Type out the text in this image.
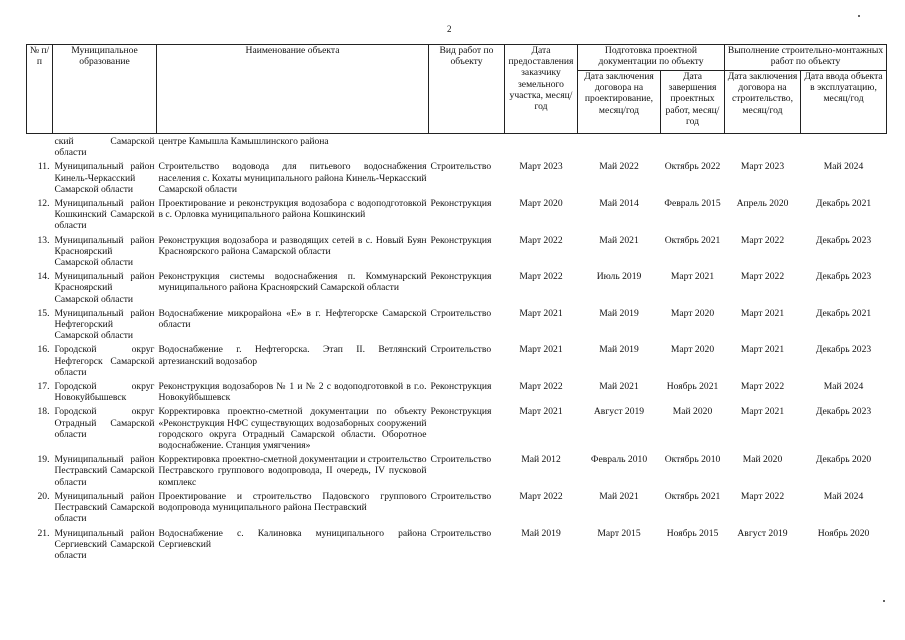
2
№ п/п	Муниципальное образование	Наименование объекта	Вид работ по объекту	Дата предоставления заказчику земельного участка, месяц/год	Подготовка проектной документации по объекту		Выполнение строительно-монтажных работ по объекту	
					Дата заключения договора на проектирование, месяц/год	Дата завершения проектных работ, месяц/год	Дата заключения договора на строительство, месяц/год	Дата ввода объекта в эксплуатацию, месяц/год
	ский Самарской области	центре Камышла Камышлинского района						
11.	Муниципальный район Кинель-Черкасский Самарской области	Строительство водовода для питьевого водоснабжения населения с. Кохаты муниципального района Кинель-Черкасский Самарской области	Строительство	Март 2023	Май 2022	Октябрь 2022	Март 2023	Май 2024
12.	Муниципальный район Кошкинский Самарской области	Проектирование и реконструкция водозабора с водоподготовкой в с. Орловка муниципального района Кошкинский	Реконструкция	Март 2020	Май 2014	Февраль 2015	Апрель 2020	Декабрь 2021
13.	Муниципальный район Красноярский Самарской области	Реконструкция водозабора и разводящих сетей в с. Новый Буян Красноярского района Самарской области	Реконструкция	Март 2022	Май 2021	Октябрь 2021	Март 2022	Декабрь 2023
14.	Муниципальный район Красноярский Самарской области	Реконструкция системы водоснабжения п. Коммунарский муниципального района Красноярский Самарской области	Реконструкция	Март 2022	Июль 2019	Март 2021	Март 2022	Декабрь 2023
15.	Муниципальный район Нефтегорский Самарской области	Водоснабжение микрорайона «Е» в г. Нефтегорске Самарской области	Строительство	Март 2021	Май 2019	Март 2020	Март 2021	Декабрь 2021
16.	Городской округ Нефтегорск Самарской области	Водоснабжение г. Нефтегорска. Этап II. Ветлянский артезианский водозабор	Строительство	Март 2021	Май 2019	Март 2020	Март 2021	Декабрь 2023
17.	Городской округ Новокуйбышевск	Реконструкция водозаборов № 1 и № 2 с водоподготовкой в г.о. Новокуйбышевск	Реконструкция	Март 2022	Май 2021	Ноябрь 2021	Март 2022	Май 2024
18.	Городской округ Отрадный Самарской области	Корректировка проектно-сметной документации по объекту «Реконструкция НФС существующих водозаборных сооружений городского округа Отрадный Самарской области. Оборотное водоснабжение. Станция умягчения»	Реконструкция	Март 2021	Август 2019	Май 2020	Март 2021	Декабрь 2023
19.	Муниципальный район Пестравский Самарской области	Корректировка проектно-сметной документации и строительство Пестравского группового водопровода, II очередь, IV пусковой комплекс	Строительство	Май 2012	Февраль 2010	Октябрь 2010	Май 2020	Декабрь 2020
20.	Муниципальный район Пестравский Самарской области	Проектирование и строительство Падовского группового водопровода муниципального района Пестравский	Строительство	Март 2022	Май 2021	Октябрь 2021	Март 2022	Май 2024
21.	Муниципальный район Сергиевский Самарской области	Водоснабжение с. Калиновка муниципального района Сергиевский	Строительство	Май 2019	Март 2015	Ноябрь 2015	Август 2019	Ноябрь 2020
